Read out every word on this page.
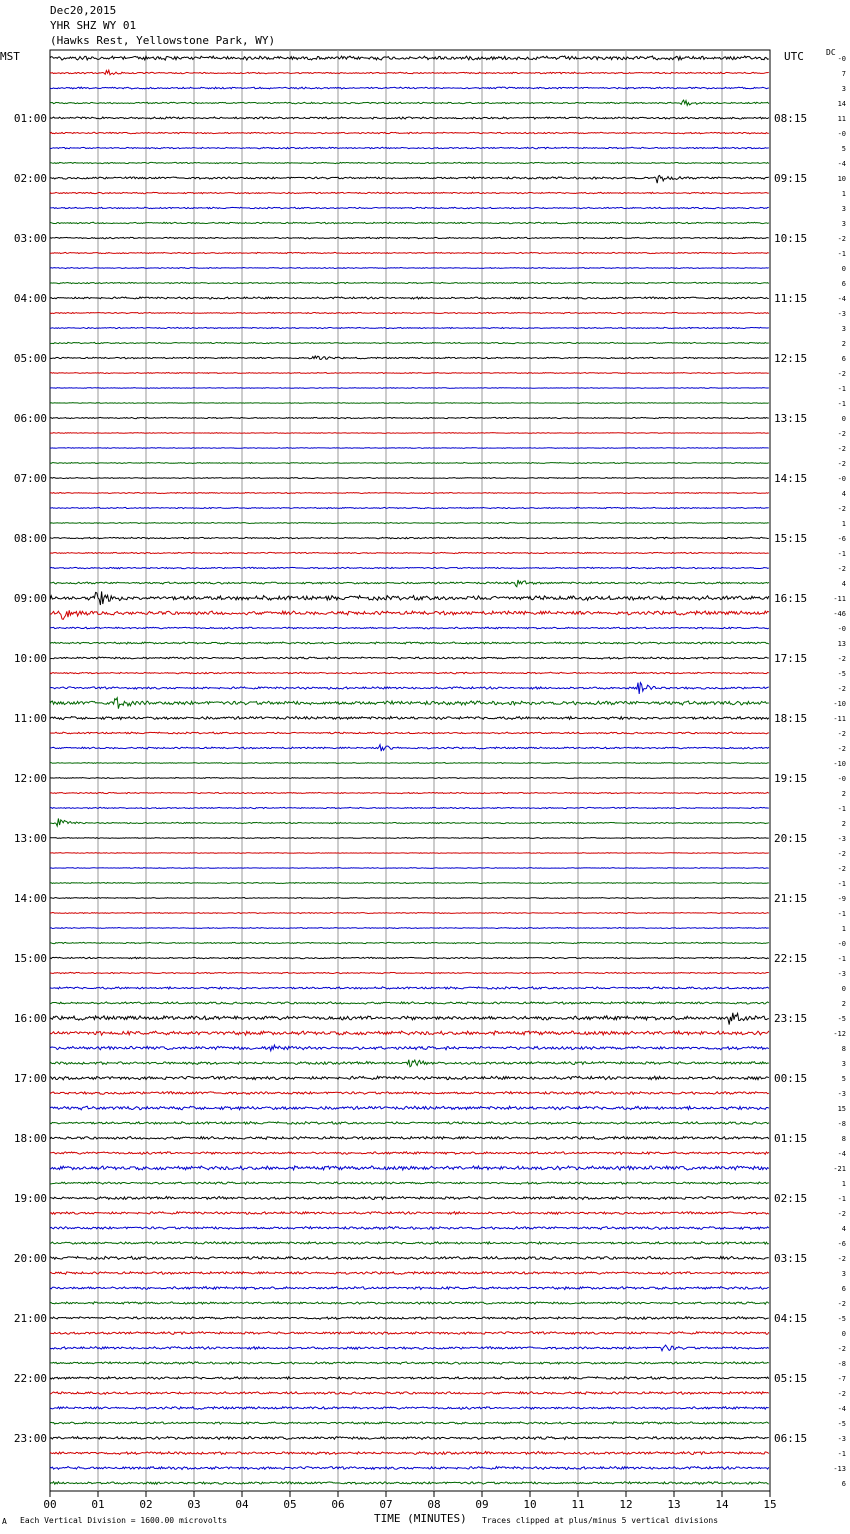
-0
7
3
14
11
-0
5
-4
10
1
3
3
-2
-1
0
6
-4
-3
3
2
6
-2
-1
-1
0
-2
-2
-2
-0
4
-2
1
-6
-1
-2
4
-11
-46
-0
13
-2
-5
-2
-10
-11
-2
-2
-10
-0
2
-1
2
-3
-2
-2
-1
-9
-1
1
-0
-1
-3
0
2
-5
-12
8
3
5
-3
15
-8
8
-4
-21
1
-1
-2
4
-6
-2
3
6
-2
-5
0
-2
-8
-7
-2
-4
-5
-3
-1
-13
6
01:00
02:00
03:00
04:00
05:00
06:00
07:00
08:00
09:00
10:00
11:00
12:00
13:00
14:00
15:00
16:00
17:00
18:00
19:00
20:00
21:00
22:00
23:00
08:15
09:15
10:15
11:15
12:15
13:15
14:15
15:15
16:15
17:15
18:15
19:15
20:15
21:15
22:15
23:15
00:15
01:15
02:15
03:15
04:15
05:15
06:15
00	01	02	03	04	05	06	07	08	09	10	11	12	13	14	15
Dec20,2015
YHR SHZ WY 01
(Hawks Rest, Yellowstone Park, WY)
MST	UTC	DC
A Each Vertical Division = 1600.00 microvolts	TIME (MINUTES) Traces clipped at plus/minus 5 vertical divisions
